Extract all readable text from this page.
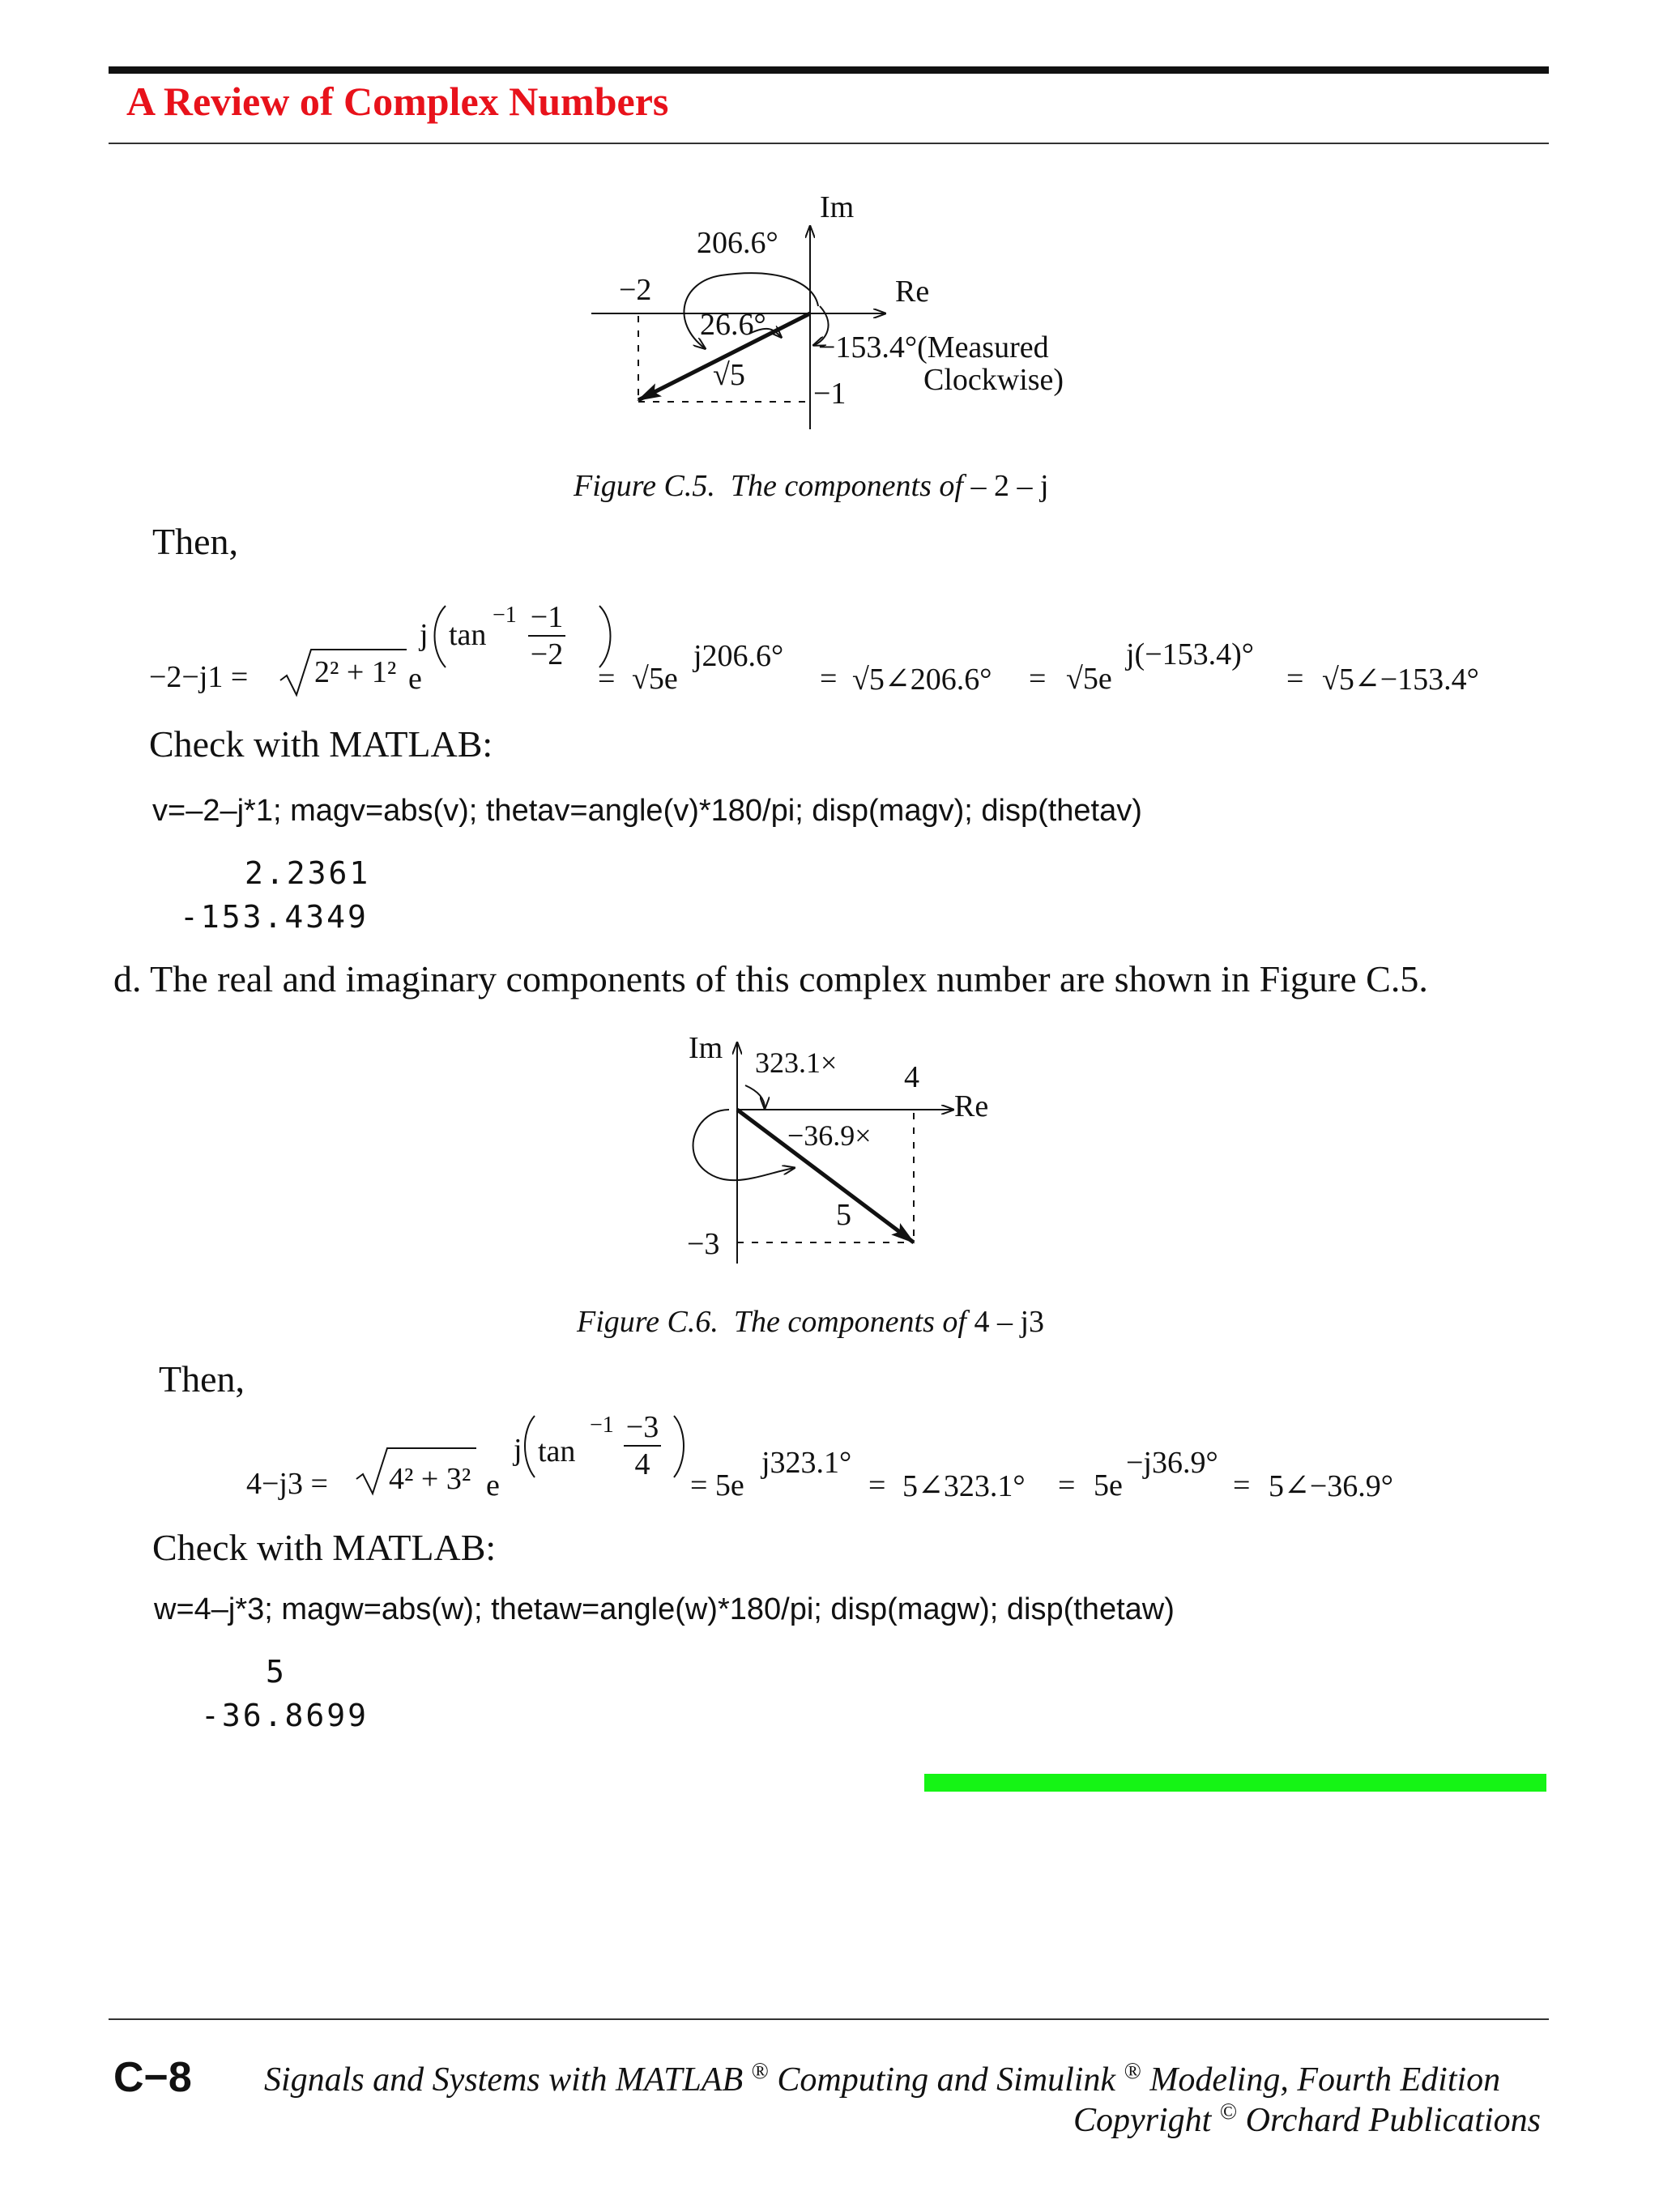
A Review of Complex Numbers
Im
Re
206.6°
−2
26.6°
√5
−153.4°(Measured
Clockwise)
−1
Figure C.5. The components of – 2 – j
Then,
−2−j1 = 2² + 1² e
j tan
$-1 \frac{-1}{-2}$
= √5e
j206.6°
= √5∠206.6° = √5e
j(−153.4)°
= √5∠−153.4°
Check with MATLAB:
v=–2–j*1; magv=abs(v); thetav=angle(v)*180/pi; disp(magv); disp(thetav)
2.2361
-153.4349
d. The real and imaginary components of this complex number are shown in Figure C.5.
Im
Re
323.1× 4
−36.9×
5
−3
Figure C.6. The components of 4 – j3
Then,
4−j3 = 4² + 3² e
j tan
$-1 \frac{-3}{4}$
= 5e
j323.1°
= 5∠323.1° = 5e
−j36.9°
= 5∠−36.9°
Check with MATLAB:
w=4–j*3; magw=abs(w); thetaw=angle(w)*180/pi; disp(magw); disp(thetaw)
5
-36.8699
C−8 Signals and Systems with MATLAB ® Computing and Simulink ® Modeling, Fourth Edition
Copyright © Orchard Publications
